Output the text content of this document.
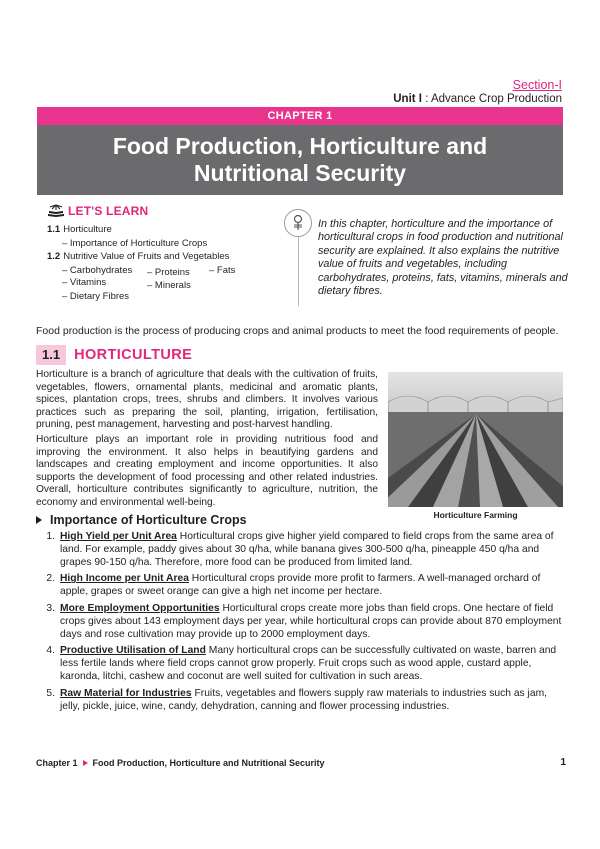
Section-I
Unit I : Advance Crop Production
CHAPTER 1
Food Production, Horticulture and Nutritional Security
LET'S LEARN
1.1 Horticulture
– Importance of Horticulture Crops
1.2 Nutritive Value of Fruits and Vegetables
– Carbohydrates – Proteins – Fats
– Vitamins	– Minerals
– Dietary Fibres
In this chapter, horticulture and the importance of horticultural crops in food production and nutritional security are explained. It also explains the nutritive value of fruits and vegetables, including carbohydrates, proteins, fats, vitamins, minerals and dietary fibres.
Food production is the process of producing crops and animal products to meet the food requirements of people.
1.1 HORTICULTURE
Horticulture is a branch of agriculture that deals with the cultivation of fruits, vegetables, flowers, ornamental plants, medicinal and aromatic plants, spices, plantation crops, trees, shrubs and climbers. It involves various practices such as preparing the soil, planting, irrigation, fertilisation, pruning, pest management, harvesting and post-harvest handling.
Horticulture plays an important role in providing nutritious food and improving the environment. It also helps in beautifying gardens and landscapes and creating employment and income opportunities. It also supports the development of food processing and other related industries. Overall, horticulture contributes significantly to agriculture, nutrition, the economy and environmental well-being.
Horticulture Farming
Importance of Horticulture Crops
1. High Yield per Unit Area Horticultural crops give higher yield compared to field crops from the same area of land. For example, paddy gives about 30 q/ha, while banana gives 300-500 q/ha, pineapple 450 q/ha and grapes 90-150 q/ha. Therefore, more food can be produced from limited land.
2. High Income per Unit Area Horticultural crops provide more profit to farmers. A well-managed orchard of apple, grapes or sweet orange can give a high net income per hectare.
3. More Employment Opportunities Horticultural crops create more jobs than field crops. One hectare of field crops gives about 143 employment days per year, while horticultural crops can provide about 870 employment days and rose cultivation may provide up to 2000 employment days.
4. Productive Utilisation of Land Many horticultural crops can be successfully cultivated on waste, barren and less fertile lands where field crops cannot grow properly. Fruit crops such as wood apple, custard apple, karonda, litchi, cashew and coconut are well suited for cultivation in such areas.
5. Raw Material for Industries Fruits, vegetables and flowers supply raw materials to industries such as jam, jelly, pickle, juice, wine, candy, dehydration, canning and flower processing industries.
Chapter 1 Food Production, Horticulture and Nutritional Security	1
